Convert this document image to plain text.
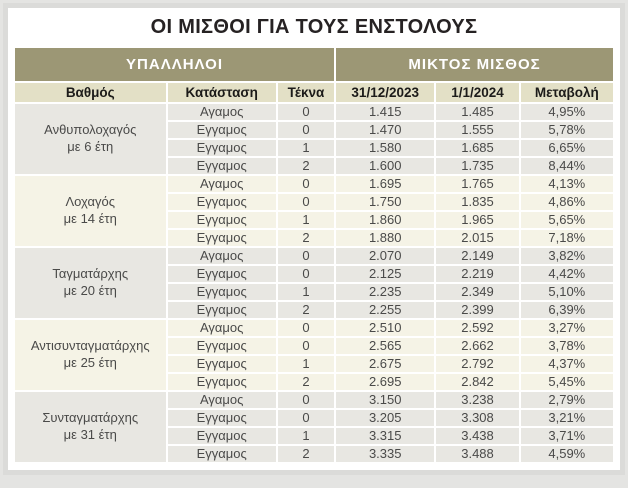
ΟΙ ΜΙΣΘΟΙ ΓΙΑ ΤΟΥΣ ΕΝΣΤΟΛΟΥΣ
ΥΠΑΛΛΗΛΟΙ			ΜΙΚΤΟΣ ΜΙΣΘΟΣ		
Βαθμός	Κατάσταση	Τέκνα	31/12/2023	1/1/2024	Μεταβολή

Ανθυπολοχαγός
με 6 έτη	Αγαμος	0	1.415	1.485	4,95%
	Εγγαμος	0	1.470	1.555	5,78%
	Εγγαμος	1	1.580	1.685	6,65%
	Εγγαμος	2	1.600	1.735	8,44%

Λοχαγός
με 14 έτη	Αγαμος	0	1.695	1.765	4,13%
	Εγγαμος	0	1.750	1.835	4,86%
	Εγγαμος	1	1.860	1.965	5,65%
	Εγγαμος	2	1.880	2.015	7,18%

Ταγματάρχης
με 20 έτη	Αγαμος	0	2.070	2.149	3,82%
	Εγγαμος	0	2.125	2.219	4,42%
	Εγγαμος	1	2.235	2.349	5,10%
	Εγγαμος	2	2.255	2.399	6,39%

Αντισυνταγματάρχης
με 25 έτη	Αγαμος	0	2.510	2.592	3,27%
	Εγγαμος	0	2.565	2.662	3,78%
	Εγγαμος	1	2.675	2.792	4,37%
	Εγγαμος	2	2.695	2.842	5,45%

Συνταγματάρχης
με 31 έτη	Αγαμος	0	3.150	3.238	2,79%
	Εγγαμος	0	3.205	3.308	3,21%
	Εγγαμος	1	3.315	3.438	3,71%
	Εγγαμος	2	3.335	3.488	4,59%
